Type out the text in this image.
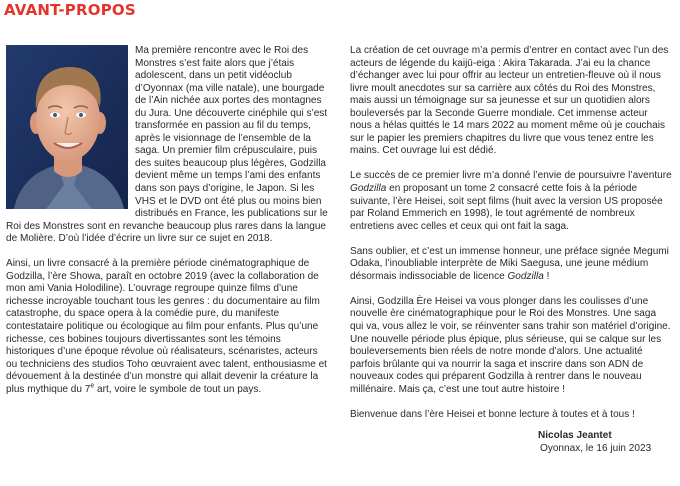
AVANT-PROPOS

Ma première rencontre avec le Roi des Monstres s’est faite alors que j’étais adolescent, dans un petit vidéoclub d’Oyonnax (ma ville natale), une bourgade de l’Ain nichée aux portes des montagnes du Jura. Une découverte cinéphile qui s’est transformée en passion au fil du temps, après le visionnage de l’ensemble de la saga. Un premier film crépusculaire, puis des suites beaucoup plus légères, Godzilla devient même un temps l’ami des enfants dans son pays d’origine, le Japon. Si les VHS et le DVD ont été plus ou moins bien distribués en France, les publications sur le Roi des Monstres sont en revanche beaucoup plus rares dans la langue de Molière. D’où l’idée d’écrire un livre sur ce sujet en 2018.

Ainsi, un livre consacré à la première période cinématographique de Godzilla, l’ère Showa, paraît en octobre 2019 (avec la collaboration de mon ami Vania Holodiline). L’ouvrage regroupe quinze films d’une richesse incroyable touchant tous les genres : du documentaire au film catastrophe, du space opera à la comédie pure, du manifeste contestataire politique ou écologique au film pour enfants. Plus qu’une richesse, ces bobines toujours divertissantes sont les témoins historiques d’une époque révolue où réalisateurs, scénaristes, acteurs ou techniciens des studios Toho œuvraient avec talent, enthousiasme et dévouement à la destinée d’un monstre qui allait devenir la créature la plus mythique du 7e art, voire le symbole de tout un pays.

La création de cet ouvrage m’a permis d’entrer en contact avec l’un des acteurs de légende du kaijū-eiga : Akira Takarada. J’ai eu la chance d’échanger avec lui pour offrir au lecteur un entretien-fleuve où il nous livre moult anecdotes sur sa carrière aux côtés du Roi des Monstres, mais aussi un témoignage sur sa jeunesse et sur un quotidien alors bouleversés par la Seconde Guerre mondiale. Cet immense acteur nous a hélas quittés le 14 mars 2022 au moment même où je couchais sur le papier les premiers chapitres du livre que vous tenez entre les mains. Cet ouvrage lui est dédié.

Le succès de ce premier livre m’a donné l’envie de poursuivre l’aventure Godzilla en proposant un tome 2 consacré cette fois à la période suivante, l’ère Heisei, soit sept films (huit avec la version US proposée par Roland Emmerich en 1998), le tout agrémenté de nombreux entretiens avec celles et ceux qui ont fait la saga.

Sans oublier, et c’est un immense honneur, une préface signée Megumi Odaka, l’inoubliable interprète de Miki Saegusa, une jeune médium désormais indissociable de licence Godzilla !

Ainsi, Godzilla Ère Heisei va vous plonger dans les coulisses d’une nouvelle ère cinématographique pour le Roi des Monstres. Une saga qui va, vous allez le voir, se réinventer sans trahir son matériel d’origine. Une nouvelle période plus épique, plus sérieuse, qui se calque sur les bouleversements bien réels de notre monde d’alors. Une actualité parfois brûlante qui va nourrir la saga et inscrire dans son ADN de nouveaux codes qui préparent Godzilla à rentrer dans le nouveau millénaire. Mais ça, c’est une tout autre histoire !

Bienvenue dans l’ère Heisei et bonne lecture à toutes et à tous !

Nicolas Jeantet
Oyonnax, le 16 juin 2023
